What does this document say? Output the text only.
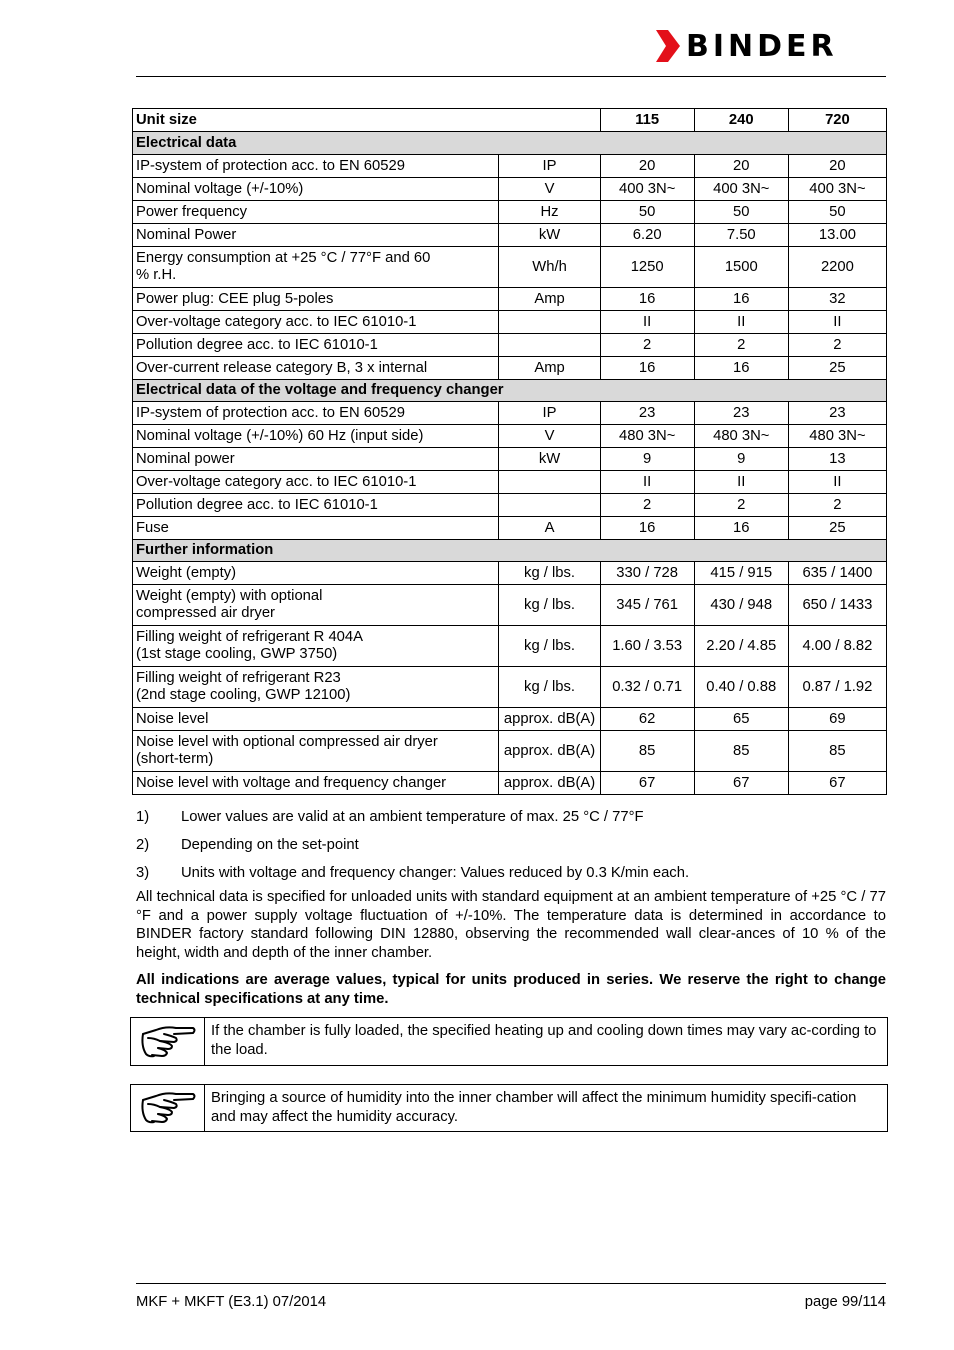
BINDER
Unit size		115	240	720
Electrical data				
IP-system of protection acc. to EN 60529	IP	20	20	20
Nominal voltage (+/-10%)	V	400 3N~	400 3N~	400 3N~
Power frequency	Hz	50	50	50
Nominal Power	kW	6.20	7.50	13.00
Energy consumption at +25 °C / 77°F and 60 % r.H.	Wh/h	1250	1500	2200
Power plug: CEE plug 5-poles	Amp	16	16	32
Over-voltage category acc. to IEC 61010-1		II	II	II
Pollution degree acc. to IEC 61010-1		2	2	2
Over-current release category B, 3 x internal	Amp	16	16	25
Electrical data of the voltage and frequency changer				
IP-system of protection acc. to EN 60529	IP	23	23	23
Nominal voltage (+/-10%) 60 Hz (input side)	V	480 3N~	480 3N~	480 3N~
Nominal power	kW	9	9	13
Over-voltage category acc. to IEC 61010-1		II	II	II
Pollution degree acc. to IEC 61010-1		2	2	2
Fuse	A	16	16	25
Further information				
Weight (empty)	kg / lbs.	330 / 728	415 / 915	635 / 1400
Weight (empty) with optional compressed air dryer	kg / lbs.	345 / 761	430 / 948	650 / 1433
Filling weight of refrigerant R 404A (1st stage cooling, GWP 3750)	kg / lbs.	1.60 / 3.53	2.20 / 4.85	4.00 / 8.82
Filling weight of refrigerant R23 (2nd stage cooling, GWP 12100)	kg / lbs.	0.32 / 0.71	0.40 / 0.88	0.87 / 1.92
Noise level	approx. dB(A)	62	65	69
Noise level with optional compressed air dryer (short-term)	approx. dB(A)	85	85	85
Noise level with voltage and frequency changer	approx. dB(A)	67	67	67
1)	Lower values are valid at an ambient temperature of max. 25 °C / 77°F
2)	Depending on the set-point
3)	Units with voltage and frequency changer: Values reduced by 0.3 K/min each.

All technical data is specified for unloaded units with standard equipment at an ambient temperature of +25 °C / 77 °F and a power supply voltage fluctuation of +/-10%. The temperature data is determined in accordance to BINDER factory standard following DIN 12880, observing the recommended wall clear-ances of 10 % of the height, width and depth of the inner chamber.

All indications are average values, typical for units produced in series. We reserve the right to change technical specifications at any time.

If the chamber is fully loaded, the specified heating up and cooling down times may vary ac-cording to the load.
Bringing a source of humidity into the inner chamber will affect the minimum humidity specifi-cation and may affect the humidity accuracy.
MKF + MKFT (E3.1) 07/2014	page 99/114
